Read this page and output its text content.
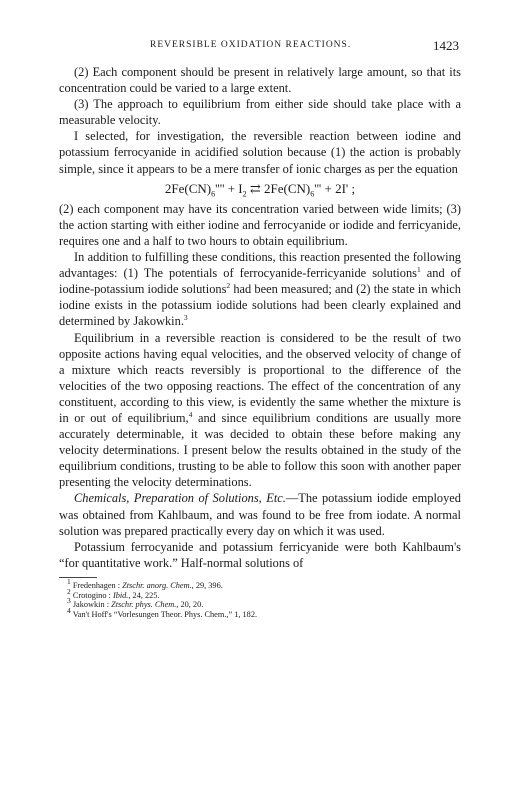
REVERSIBLE OXIDATION REACTIONS.	1423

(2) Each component should be present in relatively large amount, so that its concentration could be varied to a large extent.

(3) The approach to equilibrium from either side should take place with a measurable velocity.

I selected, for investigation, the reversible reaction between iodine and potassium ferrocyanide in acidified solution because (1) the action is probably simple, since it appears to be a mere transfer of ionic charges as per the equation

$2Fe(CN)_6'''' + I_2$ ⇄ $2Fe(CN)_6''' + 2I'$ ;

(2) each component may have its concentration varied between wide limits; (3) the action starting with either iodine and ferrocyanide or iodide and ferricyanide, requires one and a half to two hours to obtain equilibrium.

In addition to fulfilling these conditions, this reaction presented the following advantages: (1) The potentials of ferrocyanide-ferricyanide solutions$^1$ and of iodine-potassium iodide solutions$^2$ had been measured; and (2) the state in which iodine exists in the potassium iodide solutions had been clearly explained and determined by Jakowkin.$^3$

Equilibrium in a reversible reaction is considered to be the result of two opposite actions having equal velocities, and the observed velocity of change of a mixture which reacts reversibly is proportional to the difference of the velocities of the two opposing reactions. The effect of the concentration of any constituent, according to this view, is evidently the same whether the mixture is in or out of equilibrium,$^4$ and since equilibrium conditions are usually more accurately determinable, it was decided to obtain these before making any velocity determinations. I present below the results obtained in the study of the equilibrium conditions, trusting to be able to follow this soon with another paper presenting the velocity determinations.

Chemicals, Preparation of Solutions, Etc.—The potassium iodide employed was obtained from Kahlbaum, and was found to be free from iodate. A normal solution was prepared practically every day on which it was used.

Potassium ferrocyanide and potassium ferricyanide were both Kahlbaum's “for quantitative work.” Half-normal solutions of

$^1$ Fredenhagen : Ztschr. anorg. Chem., 29, 396.
$^2$ Crotogino : Ibid., 24, 225.
$^3$ Jakowkin : Ztschr. phys. Chem., 20, 20.
$^4$ Van't Hoff's “Vorlesungen Theor. Phys. Chem.,” 1, 182.
